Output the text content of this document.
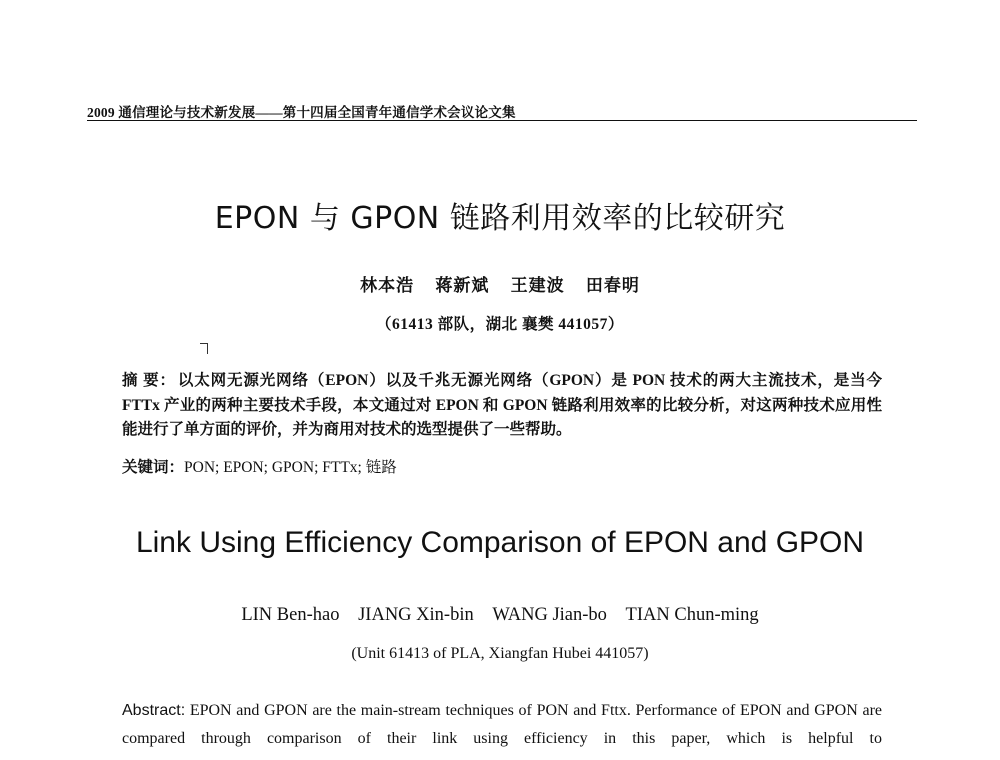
2009 通信理论与技术新发展——第十四届全国青年通信学术会议论文集
EPON 与 GPON 链路利用效率的比较研究
林本浩 蒋新斌 王建波 田春明
（61413 部队，湖北 襄樊 441057）
摘 要： 以太网无源光网络（EPON）以及千兆无源光网络（GPON）是 PON 技术的两大主流技术，是当今 FTTx 产业的两种主要技术手段，本文通过对 EPON 和 GPON 链路利用效率的比较分析，对这两种技术应用性能进行了单方面的评价，并为商用对技术的选型提供了一些帮助。
关键词：PON; EPON; GPON; FTTx; 链路
Link Using Efficiency Comparison of EPON and GPON
LIN Ben-hao JIANG Xin-bin WANG Jian-bo TIAN Chun-ming
(Unit 61413 of PLA, Xiangfan Hubei 441057)
Abstract: EPON and GPON are the main-stream techniques of PON and Fttx. Performance of EPON and GPON are compared through comparison of their link using efficiency in this paper, which is helpful to
